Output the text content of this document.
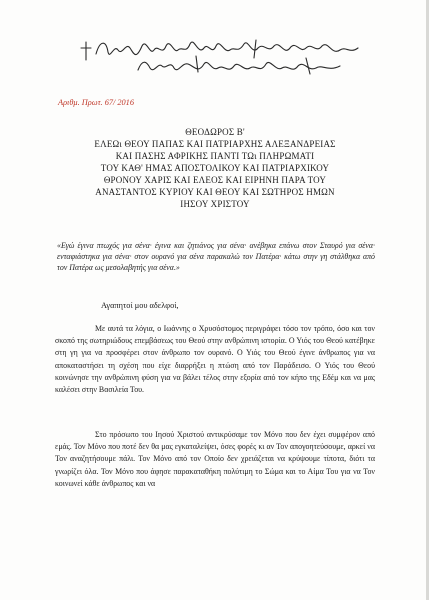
Αριθμ. Πρωτ. 67/ 2016

ΘΕΟΔΩΡΟΣ Β'
ΕΛΕΩι ΘΕΟΥ ΠΑΠΑΣ ΚΑΙ ΠΑΤΡΙΑΡΧΗΣ ΑΛΕΞΑΝΔΡΕΙΑΣ
ΚΑΙ ΠΑΣΗΣ ΑΦΡΙΚΗΣ ΠΑΝΤΙ ΤΩι ΠΛΗΡΩΜΑΤΙ
ΤΟΥ ΚΑΘ' ΗΜΑΣ ΑΠΟΣΤΟΛΙΚΟΥ ΚΑΙ ΠΑΤΡΙΑΡΧΙΚΟΥ
ΘΡΟΝΟΥ ΧΑΡΙΣ ΚΑΙ ΕΛΕΟΣ ΚΑΙ ΕΙΡΗΝΗ ΠΑΡΑ ΤΟΥ
ΑΝΑΣΤΑΝΤΟΣ ΚΥΡΙΟΥ ΚΑΙ ΘΕΟΥ ΚΑΙ ΣΩΤΗΡΟΣ ΗΜΩΝ
ΙΗΣΟΥ ΧΡΙΣΤΟΥ

«Εγώ έγινα πτωχός για σένα· έγινα και ζητιάνος για σένα· ανέβηκα επάνω στον Σταυρό για σένα· ενταφιάστηκα για σένα· στον ουρανό για σένα παρακαλώ τον Πατέρα· κάτω στην γη στάλθηκα από τον Πατέρα ως μεσολαβητής για σένα.»

Αγαπητοί μου αδελφοί,

Με αυτά τα λόγια, ο Ιωάννης ο Χρυσόστομος περιγράφει τόσο τον τρόπο, όσο και τον σκοπό της σωτηριώδους επεμβάσεως του Θεού στην ανθρώπινη ιστορία. Ο Υιός του Θεού κατέβηκε στη γη για να προσφέρει στον άνθρωπο τον ουρανό. Ο Υιός του Θεού έγινε άνθρωπος για να αποκαταστήσει τη σχέση που είχε διαρρήξει η πτώση από τον Παράδεισο. Ο Υιός του Θεού κοινώνησε την ανθρώπινη φύση για να βάλει τέλος στην εξορία από τον κήπο της Εδέμ και να μας καλέσει στην Βασιλεία Του.

Στο πρόσωπο του Ιησού Χριστού αντικρύσαμε τον Μόνο που δεν έχει συμφέρον από εμάς. Τον Μόνο που ποτέ δεν θα μας εγκαταλείψει, όσες φορές κι αν Τον απογοητεύσουμε, αρκεί να Τον αναζητήσουμε πάλι. Τον Μόνο από τον Οποίο δεν χρειάζεται να κρύψουμε τίποτα, διότι τα γνωρίζει όλα. Τον Μόνο που άφησε παρακαταθήκη πολύτιμη το Σώμα και το Αίμα Του για να Τον κοινωνεί κάθε άνθρωπος και να
